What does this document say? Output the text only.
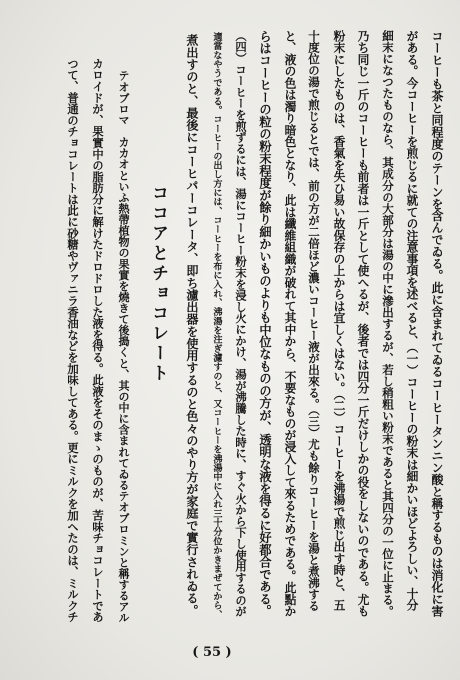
コーヒーも茶と同程度のテーンを含んでゐる。此に含まれてゐるコーヒータンニン酸と稱するものは消化に害
がある。今コーヒーを煎じるに就ての注意事項を述べると、（一）コーヒーの粉末は細かいほどよろしい、十分
細末になつたものなら、其成分の大部分は湯の中に滲出するが、若し稍粗い粉末であると其四分の一位に止まる。
乃ち同じ一斤のコーヒーも前者は一斤として使へるが、後者では四分一斤だけしかの役をしないのである。尤も
粉末にしたものは、香氣を失ひ易い故保存の上からは宜しくはない。（二）コーヒーを沸湯で煎じ出す時と、五
十度位の湯で煎じるとでは、前の方が二倍ほど濃いコーヒー液が出來る。（三）尤も餘りコーヒーを湯と煮沸する
と、液の色は濁り暗色となり、此は纖維組織が破れて其中から、不要なものが浸入して來るためである。此點か
らはコーヒーの粒の粉末程度が餘り細かいものよりも中位なものの方が、透明な液を得るに好都合である。
（四）コーヒーを煎ずるには、湯にコーヒー粉末を浸し火にかけ、湯が沸騰した時に、すぐ火から下し使用するのが
適當なやうである。コーヒーの出し方には、コーヒーを布に入れ、沸湯を注ぎ濾すのと、又コーヒーを沸湯中に入れ三十分位かきまぜてから、
煮出すのと、最後にコーヒパーコレータ、即ち濾出器を使用するのと色々のやり方が家庭で實行されゐる。
ココアとチョコレート
テオブロマ　カカオといふ熱帶植物の果實を燒きて後搗くと、其の中に含まれてゐるテオブロミンと稱するアル
カロイドが、果實中の脂肪分に解けたドロドロした液を得る。此液をそのまゝのものが、苦味チョコレートであ
つて、普通のチョコレートは此に砂糖やヴァニラ香油などを加味してある。更にミルクを加へたのは、ミルクチ
( 55 )
